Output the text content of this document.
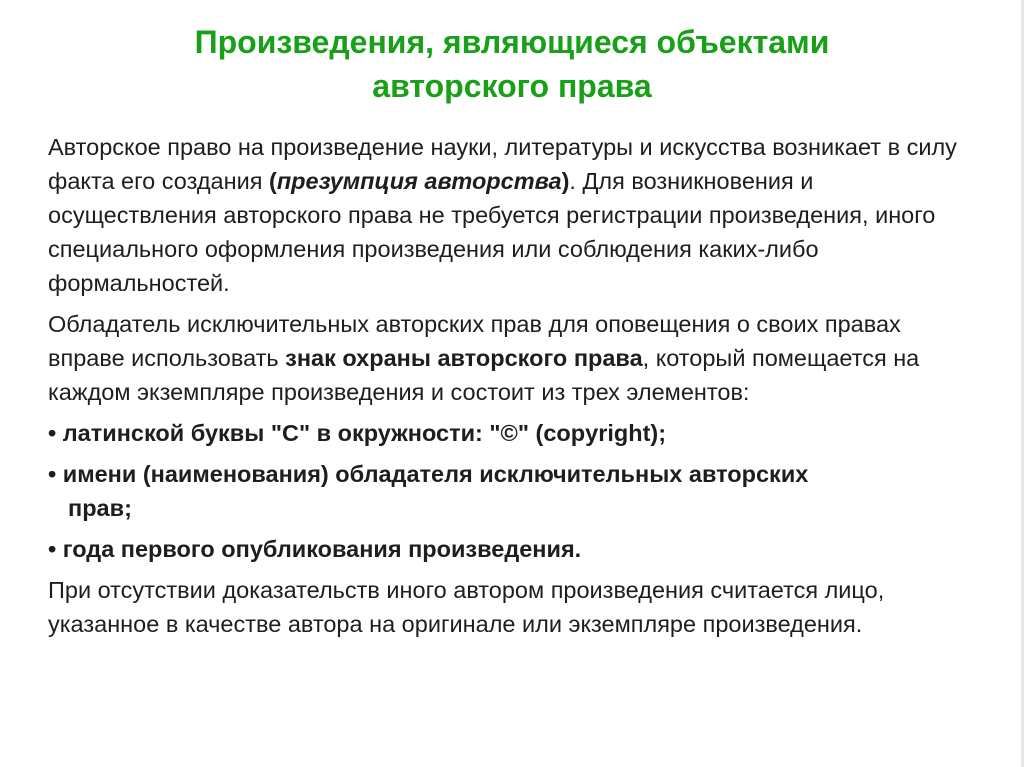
Произведения, являющиеся объектами
авторского права

Авторское право на произведение науки, литературы и искусства возникает в силу факта его создания (презумпция авторства). Для возникновения и осуществления авторского права не требуется регистрации произведения, иного специального оформления произведения или соблюдения каких-либо формальностей.

Обладатель исключительных авторских прав для оповещения о своих правах вправе использовать знак охраны авторского права, который помещается на каждом экземпляре произведения и состоит из трех элементов:

• латинской буквы "С" в окружности: "©" (copyright);

• имени (наименования) обладателя исключительных авторских
прав;

• года первого опубликования произведения.

При отсутствии доказательств иного автором произведения считается лицо, указанное в качестве автора на оригинале или экземпляре произведения.
